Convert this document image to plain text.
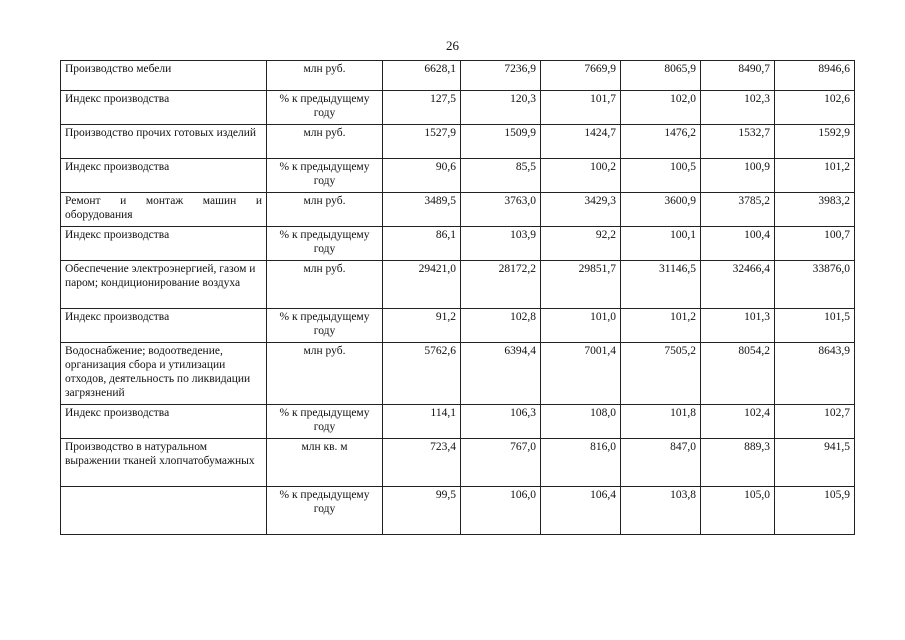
26
Производство мебели	млн руб.	6628,1	7236,9	7669,9	8065,9	8490,7	8946,6
Индекс производства	% к предыдущему году	127,5	120,3	101,7	102,0	102,3	102,6
Производство прочих готовых изделий	млн руб.	1527,9	1509,9	1424,7	1476,2	1532,7	1592,9
Индекс производства	% к предыдущему году	90,6	85,5	100,2	100,5	100,9	101,2
Ремонт и монтаж машин и оборудования	млн руб.	3489,5	3763,0	3429,3	3600,9	3785,2	3983,2
Индекс производства	% к предыдущему году	86,1	103,9	92,2	100,1	100,4	100,7
Обеспечение электроэнергией, газом и паром; кондиционирование воздуха	млн руб.	29421,0	28172,2	29851,7	31146,5	32466,4	33876,0
Индекс производства	% к предыдущему году	91,2	102,8	101,0	101,2	101,3	101,5
Водоснабжение; водоотведение, организация сбора и утилизации отходов, деятельность по ликвидации загрязнений	млн руб.	5762,6	6394,4	7001,4	7505,2	8054,2	8643,9
Индекс производства	% к предыдущему году	114,1	106,3	108,0	101,8	102,4	102,7
Производство в натуральном выражении тканей хлопчатобумажных	млн кв. м	723,4	767,0	816,0	847,0	889,3	941,5
	% к предыдущему году	99,5	106,0	106,4	103,8	105,0	105,9
